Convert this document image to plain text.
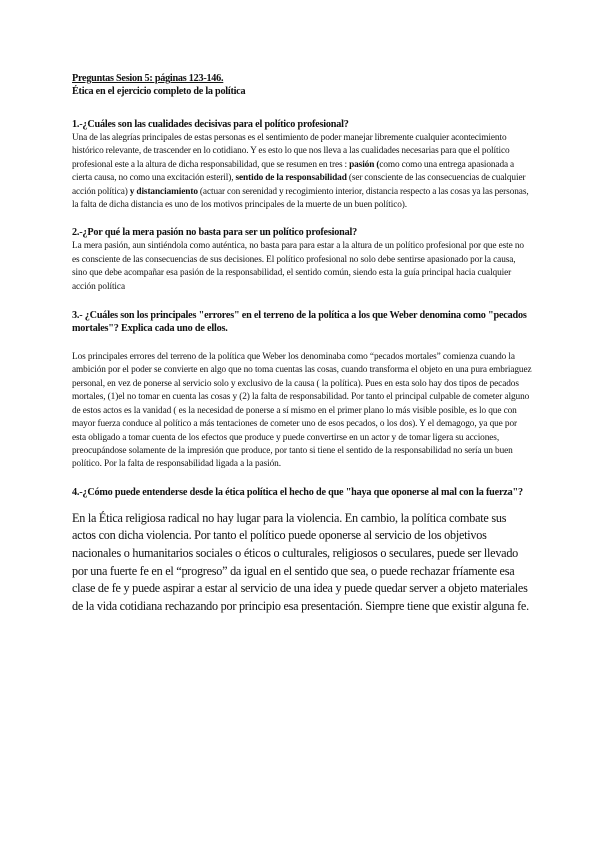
Preguntas Sesion 5: páginas 123-146.
Ética en el ejercicio completo de la política
1.-¿Cuáles son las cualidades decisivas para el político profesional?
Una de las alegrías principales de estas personas es el sentimiento de poder manejar libremente cualquier acontecimiento histórico relevante, de trascender en lo cotidiano. Y es esto lo que nos lleva a las cualidades necesarias para que el político profesional este a la altura de dicha responsabilidad, que se resumen en tres : pasión (como como una entrega apasionada a cierta causa, no como una excitación esteril), sentido de la responsabilidad (ser consciente de las consecuencias de cualquier acción política) y distanciamiento (actuar con serenidad y recogimiento interior, distancia respecto a las cosas ya las personas, la falta de dicha distancia es uno de los motivos principales de la muerte de un buen político).
2.-¿Por qué la mera pasión no basta para ser un político profesional?
La mera pasión, aun sintiéndola como auténtica, no basta para para estar a la altura de un político profesional por que este no es consciente de las consecuencias de sus decisiones. El político profesional no solo debe sentirse apasionado por la causa, sino que debe acompañar esa pasión de la responsabilidad, el sentido común, siendo esta la guía principal hacia cualquier acción política
3.- ¿Cuáles son los principales "errores" en el terreno de la política a los que Weber denomina como "pecados mortales"? Explica cada uno de ellos.
Los principales errores del terreno de la política que Weber los denominaba como “pecados mortales” comienza cuando la ambición por el poder se convierte en algo que no toma cuentas las cosas, cuando transforma el objeto en una pura embriaguez personal, en vez de ponerse al servicio solo y exclusivo de la causa ( la política). Pues en esta solo hay dos tipos de pecados mortales, (1)el no tomar en cuenta las cosas y (2) la falta de responsabilidad. Por tanto el principal culpable de cometer alguno de estos actos es la vanidad ( es la necesidad de ponerse a sí mismo en el primer plano lo más visible posible, es lo que con mayor fuerza conduce al político a más tentaciones de cometer uno de esos pecados, o los dos). Y el demagogo, ya que por esta obligado a tomar cuenta de los efectos que produce y puede convertirse en un actor y de tomar ligera su acciones, preocupándose solamente de la impresión que produce, por tanto si tiene el sentido de la responsabilidad no sería un buen político. Por la falta de responsabilidad ligada a la pasión.
4.-¿Cómo puede entenderse desde la ética política el hecho de que "haya que oponerse al mal con la fuerza"?
En la Ética religiosa radical no hay lugar para la violencia. En cambio, la política combate sus actos con dicha violencia. Por tanto el político puede oponerse al servicio de los objetivos nacionales o humanitarios sociales o éticos o culturales, religiosos o seculares, puede ser llevado por una fuerte fe en el “progreso” da igual en el sentido que sea, o puede rechazar fríamente esa clase de fe y puede aspirar a estar al servicio de una idea y puede quedar server a objeto materiales de la vida cotidiana rechazando por principio esa presentación. Siempre tiene que existir alguna fe.
